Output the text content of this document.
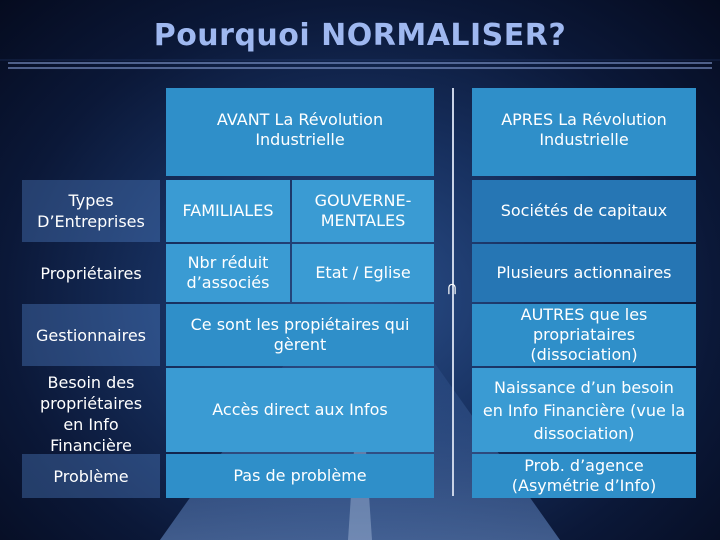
Pourquoi NORMALISER?
AVANT La Révolution Industrielle
APRES La Révolution Industrielle
Types D’Entreprises
FAMILIALES
GOUVERNE-MENTALES
Sociétés de capitaux
Propriétaires
Nbr réduit d’associés
Etat / Eglise	Plusieurs actionnaires
Gestionnaires
Ce sont les propiétaires qui gèrent
AUTRES que les propriataires (dissociation)
Besoin des propriétaires en Info Financière
Accès direct aux Infos
Naissance d’un besoin en Info Financière (vue la dissociation)
Problème	Pas de problème
Prob. d’agence (Asymétrie d’Info)
⊂
